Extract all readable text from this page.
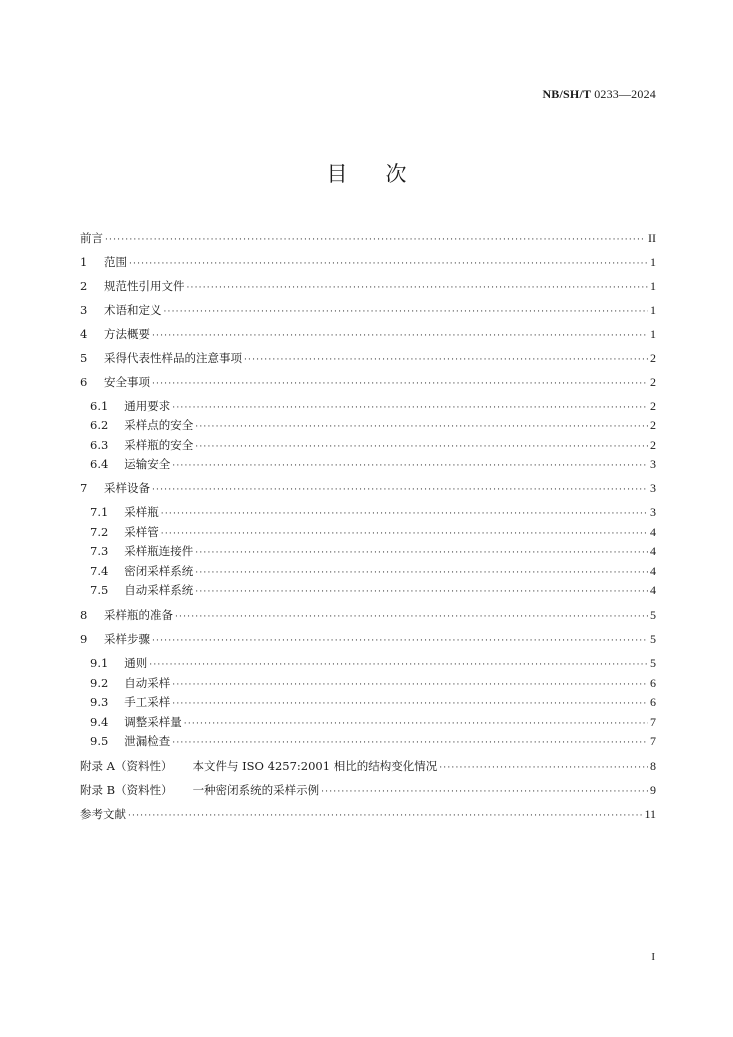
NB/SH/T 0233—2024
目次
前言 ·····	II
1 范围 ·····	1
2 规范性引用文件 ·····	1
3 术语和定义 ·····	1
4 方法概要 ·····	1
5 采得代表性样品的注意事项 ·····	2
6 安全事项 ·····	2
6.1 通用要求 ·····	2
6.2 采样点的安全 ·····	2
6.3 采样瓶的安全 ·····	2
6.4 运输安全 ·····	3
7 采样设备 ·····	3
7.1 采样瓶 ·····	3
7.2 采样管 ·····	4
7.3 采样瓶连接件 ·····	4
7.4 密闭采样系统 ·····	4
7.5 自动采样系统 ·····	4
8 采样瓶的准备 ·····	5
9 采样步骤 ·····	5
9.1 通则 ·····	5
9.2 自动采样 ·····	6
9.3 手工采样 ·····	6
9.4 调整采样量 ·····	7
9.5 泄漏检查 ·····	7
附录 A（资料性） 本文件与 ISO 4257:2001 相比的结构变化情况 ·····	8
附录 B（资料性） 一种密闭系统的采样示例 ·····	9
参考文献 ·····	11
I
